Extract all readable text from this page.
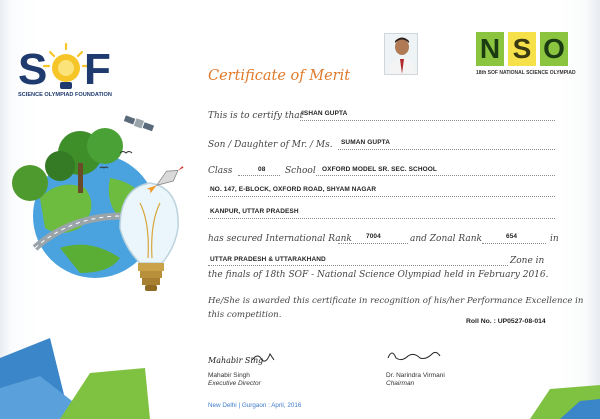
S F
SCIENCE OLYMPIAD FOUNDATION
N S O
18th SOF NATIONAL SCIENCE OLYMPIAD
Certificate of Merit
This is to certify that
ISHAN GUPTA
Son / Daughter of Mr. / Ms. SUMAN GUPTA
Class	08 School OXFORD MODEL SR. SEC. SCHOOL
NO. 147, E-BLOCK, OXFORD ROAD, SHYAM NAGAR
KANPUR, UTTAR PRADESH
has secured International Rank 7004	and Zonal Rank	654	in
UTTAR PRADESH & UTTARAKHAND	Zone in
the finals of 18th SOF - National Science Olympiad held in February 2016.
He/She is awarded this certificate in recognition of his/her Performance Excellence in
this competition.
Roll No. : UP0527-08-014
Mahabir Sing
Mahabir Singh
Executive Director
Dr. Narindra Virmani
Chairman
New Delhi | Gurgaon : April, 2016
